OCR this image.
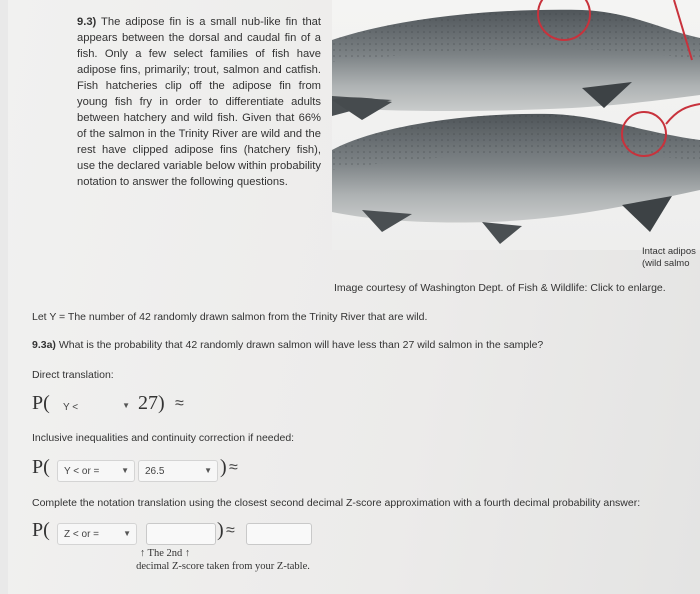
9.3) The adipose fin is a small nub-like fin that appears between the dorsal and caudal fin of a fish. Only a few select families of fish have adipose fins, primarily; trout, salmon and catfish. Fish hatcheries clip off the adipose fin from young fish fry in order to differentiate adults between hatchery and wild fish. Given that 66% of the salmon in the Trinity River are wild and the rest have clipped adipose fins (hatchery fish), use the declared variable below within probability notation to answer the following questions.
Intact adipos
(wild salmo
Image courtesy of Washington Dept. of Fish & Wildlife: Click to enlarge.
Let Y = The number of 42 randomly drawn salmon from the Trinity River that are wild.
9.3a) What is the probability that 42 randomly drawn salmon will have less than 27 wild salmon in the sample?
Direct translation:
P( Y <	▼ 27) ≈
Inclusive inequalities and continuity correction if needed:
P( Y < or =	▼ 26.5	▼ ) ≈
Complete the notation translation using the closest second decimal Z-score approximation with a fourth decimal probability answer:
P( Z < or =	▼	) ≈
↑ The 2nd ↑
decimal Z-score taken from your Z-table.
